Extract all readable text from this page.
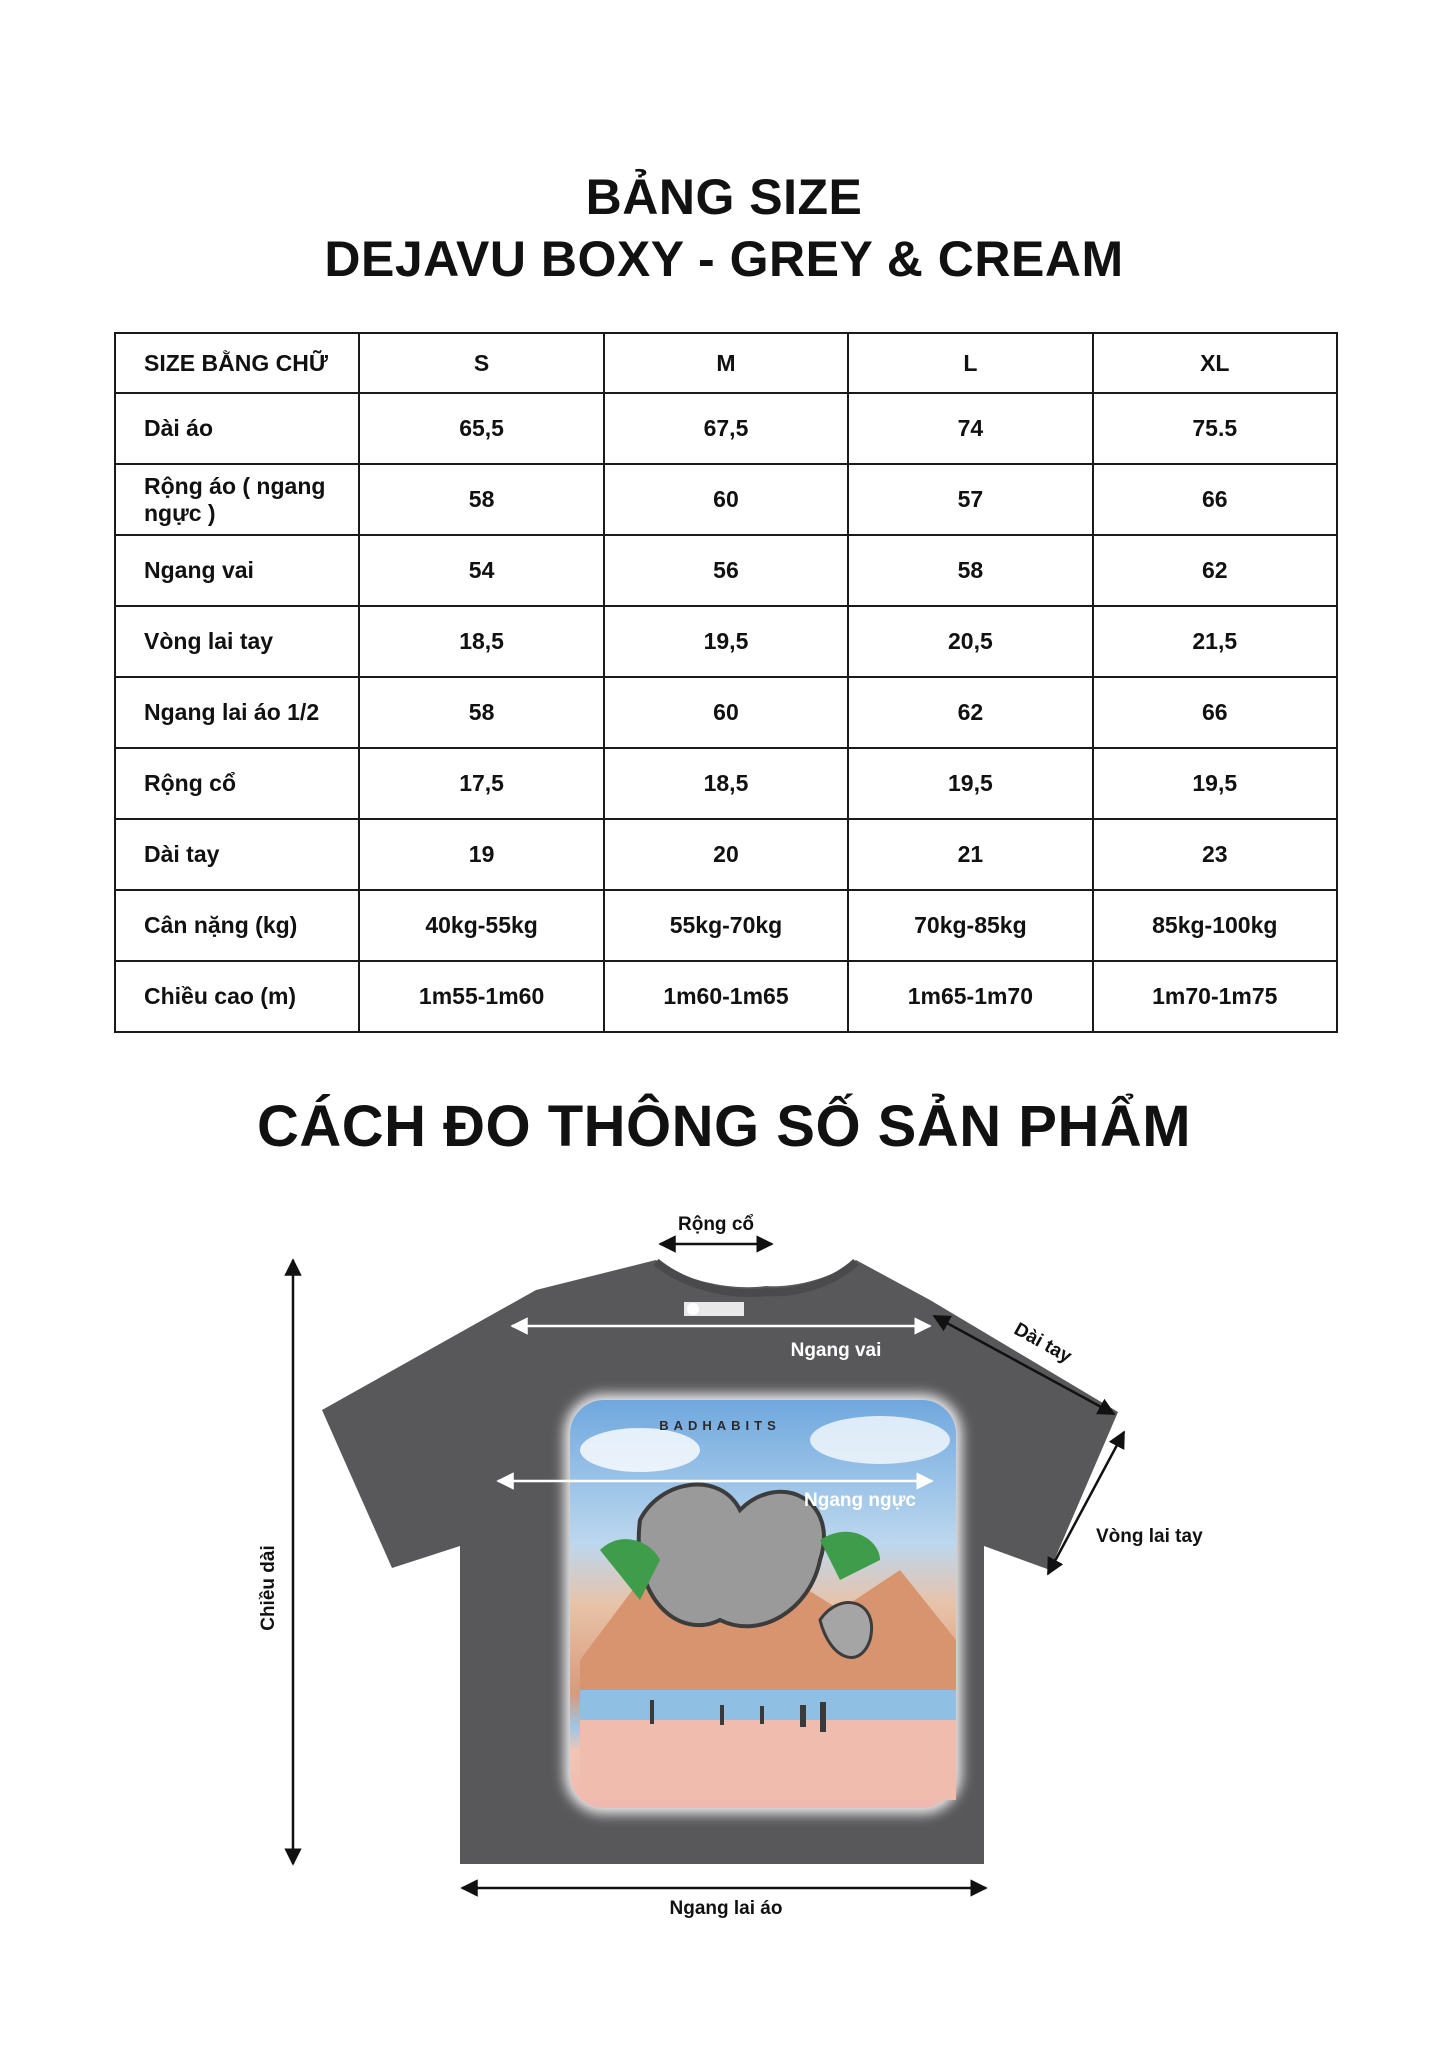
BẢNG SIZE
DEJAVU BOXY - GREY & CREAM
SIZE BẰNG CHỮ	S	M	L	XL
Dài áo	65,5	67,5	74	75.5
Rộng áo ( ngang ngực )	58	60	57	66
Ngang vai	54	56	58	62
Vòng lai tay	18,5	19,5	20,5	21,5
Ngang lai áo 1/2	58	60	62	66
Rộng cổ	17,5	18,5	19,5	19,5
Dài tay	19	20	21	23
Cân nặng (kg)	40kg-55kg	55kg-70kg	70kg-85kg	85kg-100kg
Chiều cao (m)	1m55-1m60	1m60-1m65	1m65-1m70	1m70-1m75
CÁCH ĐO THÔNG SỐ SẢN PHẨM
BADHABITS
Rộng cổ
Ngang vai	Dài tay
Ngang ngực
Vòng lai tay
Chiều dài
Ngang lai áo
